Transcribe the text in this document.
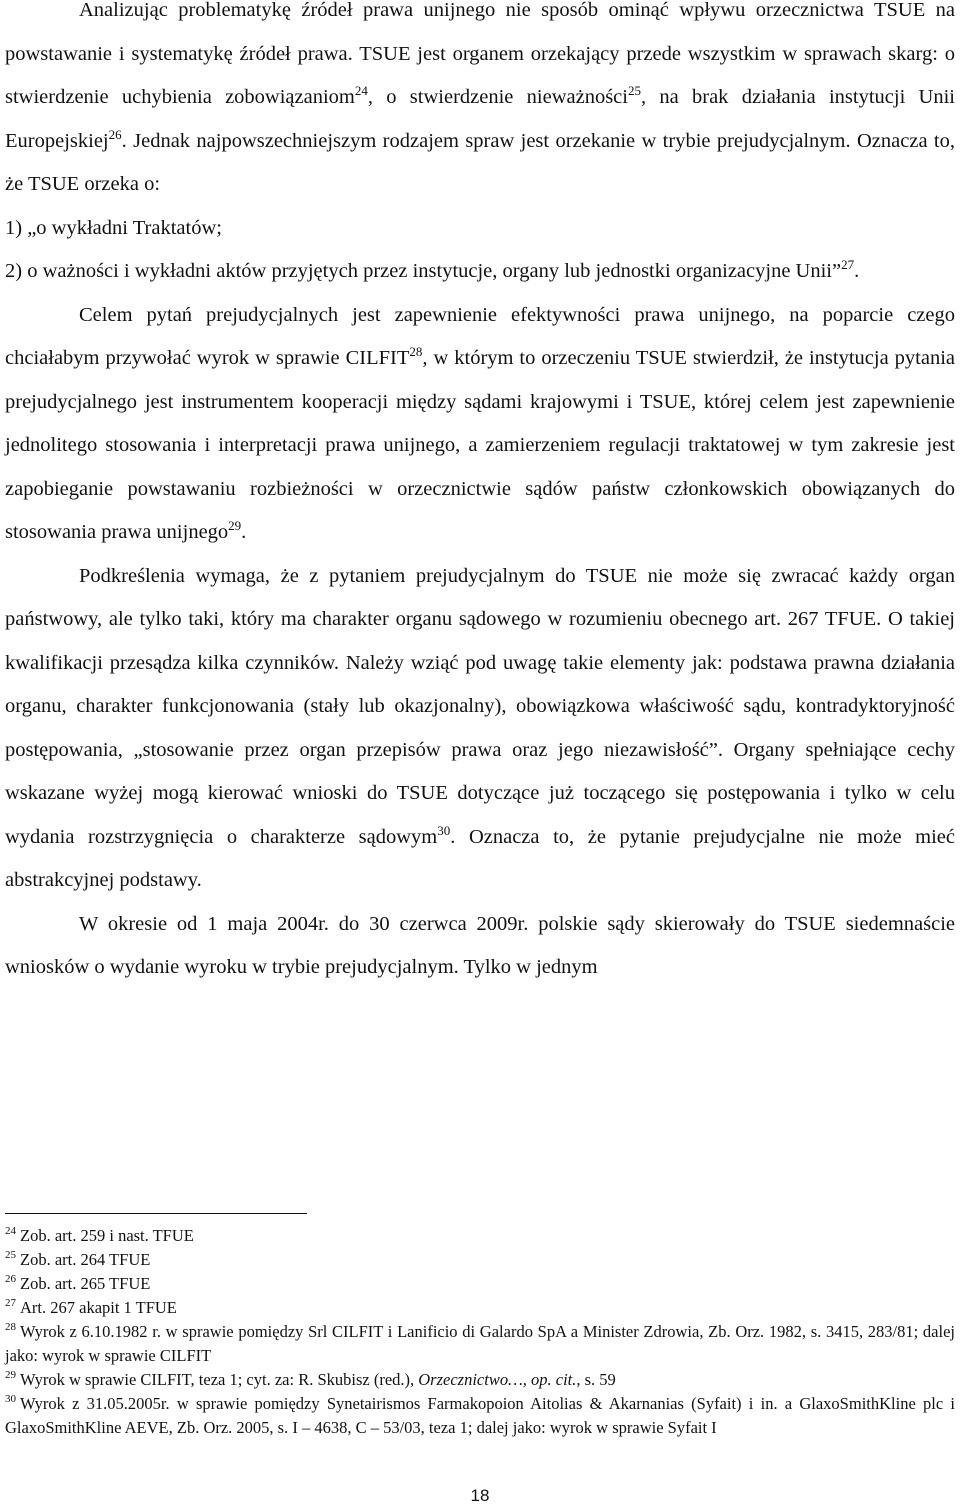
Analizując problematykę źródeł prawa unijnego nie sposób ominąć wpływu orzecznictwa TSUE na powstawanie i systematykę źródeł prawa. TSUE jest organem orzekający przede wszystkim w sprawach skarg: o stwierdzenie uchybienia zobowiązaniom$^{24}$, o stwierdzenie nieważności$^{25}$, na brak działania instytucji Unii Europejskiej$^{26}$. Jednak najpowszechniejszym rodzajem spraw jest orzekanie w trybie prejudycjalnym. Oznacza to, że TSUE orzeka o:

1) „o wykładni Traktatów;

2) o ważności i wykładni aktów przyjętych przez instytucje, organy lub jednostki organizacyjne Unii”$^{27}$.

Celem pytań prejudycjalnych jest zapewnienie efektywności prawa unijnego, na poparcie czego chciałabym przywołać wyrok w sprawie CILFIT$^{28}$, w którym to orzeczeniu TSUE stwierdził, że instytucja pytania prejudycjalnego jest instrumentem kooperacji między sądami krajowymi i TSUE, której celem jest zapewnienie jednolitego stosowania i interpretacji prawa unijnego, a zamierzeniem regulacji traktatowej w tym zakresie jest zapobieganie powstawaniu rozbieżności w orzecznictwie sądów państw członkowskich obowiązanych do stosowania prawa unijnego$^{29}$.

Podkreślenia wymaga, że z pytaniem prejudycjalnym do TSUE nie może się zwracać każdy organ państwowy, ale tylko taki, który ma charakter organu sądowego w rozumieniu obecnego art. 267 TFUE. O takiej kwalifikacji przesądza kilka czynników. Należy wziąć pod uwagę takie elementy jak: podstawa prawna działania organu, charakter funkcjonowania (stały lub okazjonalny), obowiązkowa właściwość sądu, kontradyktoryjność postępowania, „stosowanie przez organ przepisów prawa oraz jego niezawisłość”. Organy spełniające cechy wskazane wyżej mogą kierować wnioski do TSUE dotyczące już toczącego się postępowania i tylko w celu wydania rozstrzygnięcia o charakterze sądowym$^{30}$. Oznacza to, że pytanie prejudycjalne nie może mieć abstrakcyjnej podstawy.

W okresie od 1 maja 2004r. do 30 czerwca 2009r. polskie sądy skierowały do TSUE siedemnaście wniosków o wydanie wyroku w trybie prejudycjalnym. Tylko w jednym

$^{24}$ Zob. art. 259 i nast. TFUE

$^{25}$ Zob. art. 264 TFUE

$^{26}$ Zob. art. 265 TFUE

$^{27}$ Art. 267 akapit 1 TFUE

$^{28}$ Wyrok z 6.10.1982 r. w sprawie pomiędzy Srl CILFIT i Lanificio di Galardo SpA a Minister Zdrowia, Zb. Orz. 1982, s. 3415, 283/81; dalej jako: wyrok w sprawie CILFIT

$^{29}$ Wyrok w sprawie CILFIT, teza 1; cyt. za: R. Skubisz (red.), Orzecznictwo…, op. cit., s. 59

$^{30}$ Wyrok z 31.05.2005r. w sprawie pomiędzy Synetairismos Farmakopoion Aitolias & Akarnanias (Syfait) i in. a GlaxoSmithKline plc i GlaxoSmithKline AEVE, Zb. Orz. 2005, s. I – 4638, C – 53/03, teza 1; dalej jako: wyrok w sprawie Syfait I

18
